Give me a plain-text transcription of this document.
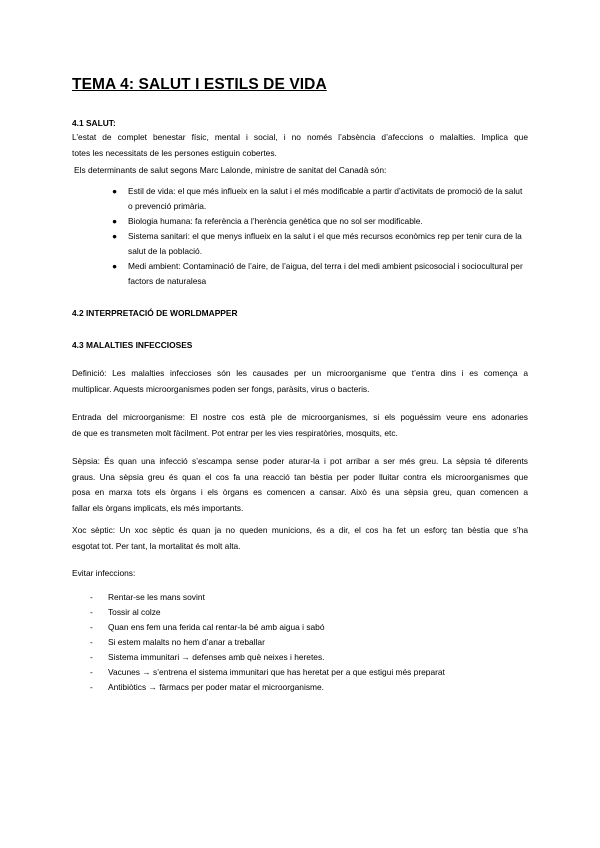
TEMA 4: SALUT I ESTILS DE VIDA
4.1 SALUT:
L’estat de complet benestar físic, mental i social, i no només l’absència d’afeccions o malalties. Implica que
totes les necessitats de les persones estiguin cobertes.
Els determinants de salut segons Marc Lalonde, ministre de sanitat del Canadà són:
● Estil de vida: el que més influeix en la salut i el més modificable a partir d’activitats de promoció de la salut o prevenció primària.
● Biologia humana: fa referència a l’herència genètica que no sol ser modificable.
● Sistema sanitari: el que menys influeix en la salut i el que més recursos econòmics rep per tenir cura de la salut de la població.
● Medi ambient: Contaminació de l’aire, de l’aigua, del terra i del medi ambient psicosocial i sociocultural per factors de naturalesa
4.2 INTERPRETACIÓ DE WORLDMAPPER
4.3 MALALTIES INFECCIOSES
Definició: Les malalties infeccioses són les causades per un microorganisme que t’entra dins i es comença a
multiplicar. Aquests microorganismes poden ser fongs, paràsits, virus o bacteris.
Entrada del microorganisme: El nostre cos està ple de microorganismes, si els poguéssim veure ens adonaries
de que es transmeten molt fàcilment. Pot entrar per les vies respiratòries, mosquits, etc.
Sèpsia: És quan una infecció s’escampa sense poder aturar-la i pot arribar a ser més greu. La sèpsia té diferents
graus. Una sèpsia greu és quan el cos fa una reacció tan bèstia per poder lluitar contra els microorganismes que
posa en marxa tots els òrgans i els òrgans es comencen a cansar. Això és una sèpsia greu, quan comencen a
fallar els òrgans implicats, els més importants.
Xoc sèptic: Un xoc sèptic és quan ja no queden municions, és a dir, el cos ha fet un esforç tan bèstia que s’ha
esgotat tot. Per tant, la mortalitat és molt alta.
Evitar infeccions:
- Rentar-se les mans sovint
- Tossir al colze
- Quan ens fem una ferida cal rentar-la bé amb aigua i sabó
- Si estem malalts no hem d’anar a treballar
- Sistema immunitari → defenses amb què neixes i heretes.
- Vacunes → s’entrena el sistema immunitari que has heretat per a que estigui més preparat
- Antibiòtics → fàrmacs per poder matar el microorganisme.
